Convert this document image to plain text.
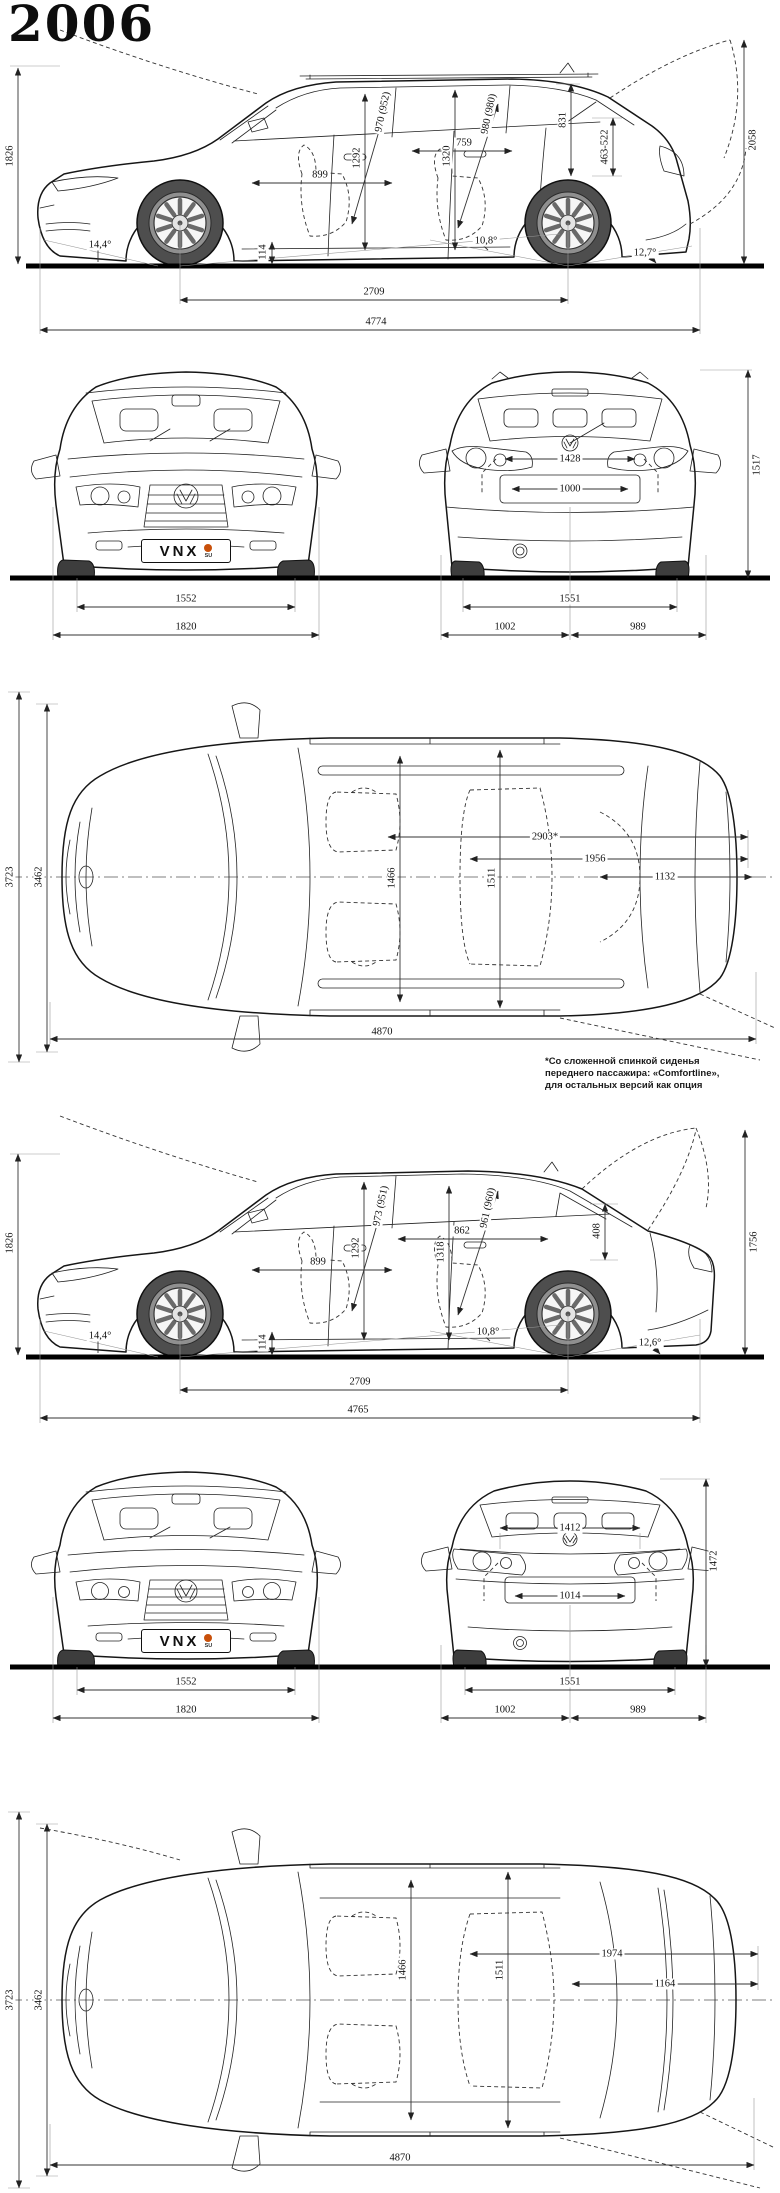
2006
1826
970 (952)	980 (980)
759
1292	1320
899
831
463-522	2058
14,4°	114
10,8°
12,7°
2709
4774
VNX SU
1552
1820
1428
1000
1517
1551
1002	989
3723 3462	1466	1511
2903*
1956
1132
4870
*Со сложенной спинкой сиденья
переднего пассажира: «Comfortline»,
для остальных версий как опция
1826
973 (951)	961 (960)
862
1292	1318
899
408
1756
14,4°	114
10,8°
12,6°
2709
4765
VNX SU
1412
1014
1472
1552
1820
1551
1002	989
3723 3462
1466	1511
1974
1164
4870
